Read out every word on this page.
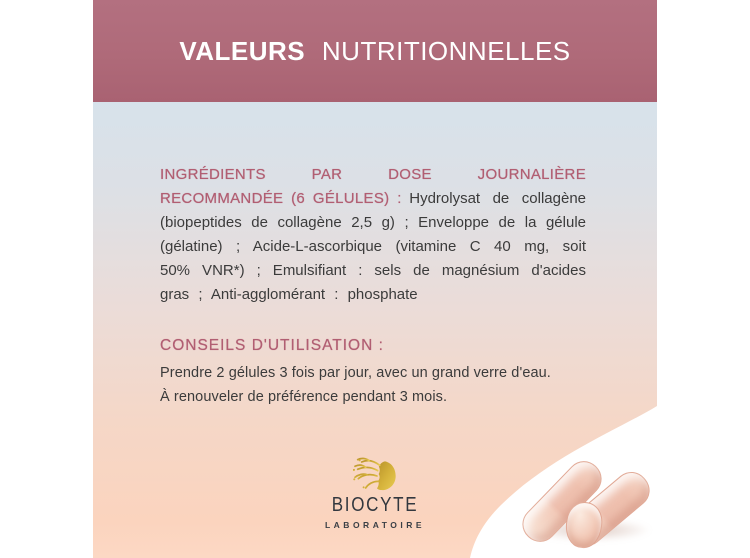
VALEURS NUTRITIONNELLES

INGRÉDIENTS PAR DOSE JOURNALIÈRE RECOMMANDÉE (6 GÉLULES) : Hydrolysat de collagène (biopeptides de collagène 2,5 g) ; Enveloppe de la gélule (gélatine) ; Acide-L-ascorbique (vitamine C 40 mg, soit 50% VNR*) ; Emulsifiant : sels de magnésium d'acides gras ; Anti-agglomérant : phosphate

CONSEILS D'UTILISATION :
Prendre 2 gélules 3 fois par jour, avec un grand verre d'eau.
À renouveler de préférence pendant 3 mois.
BIOCYTE
LABORATOIRE
